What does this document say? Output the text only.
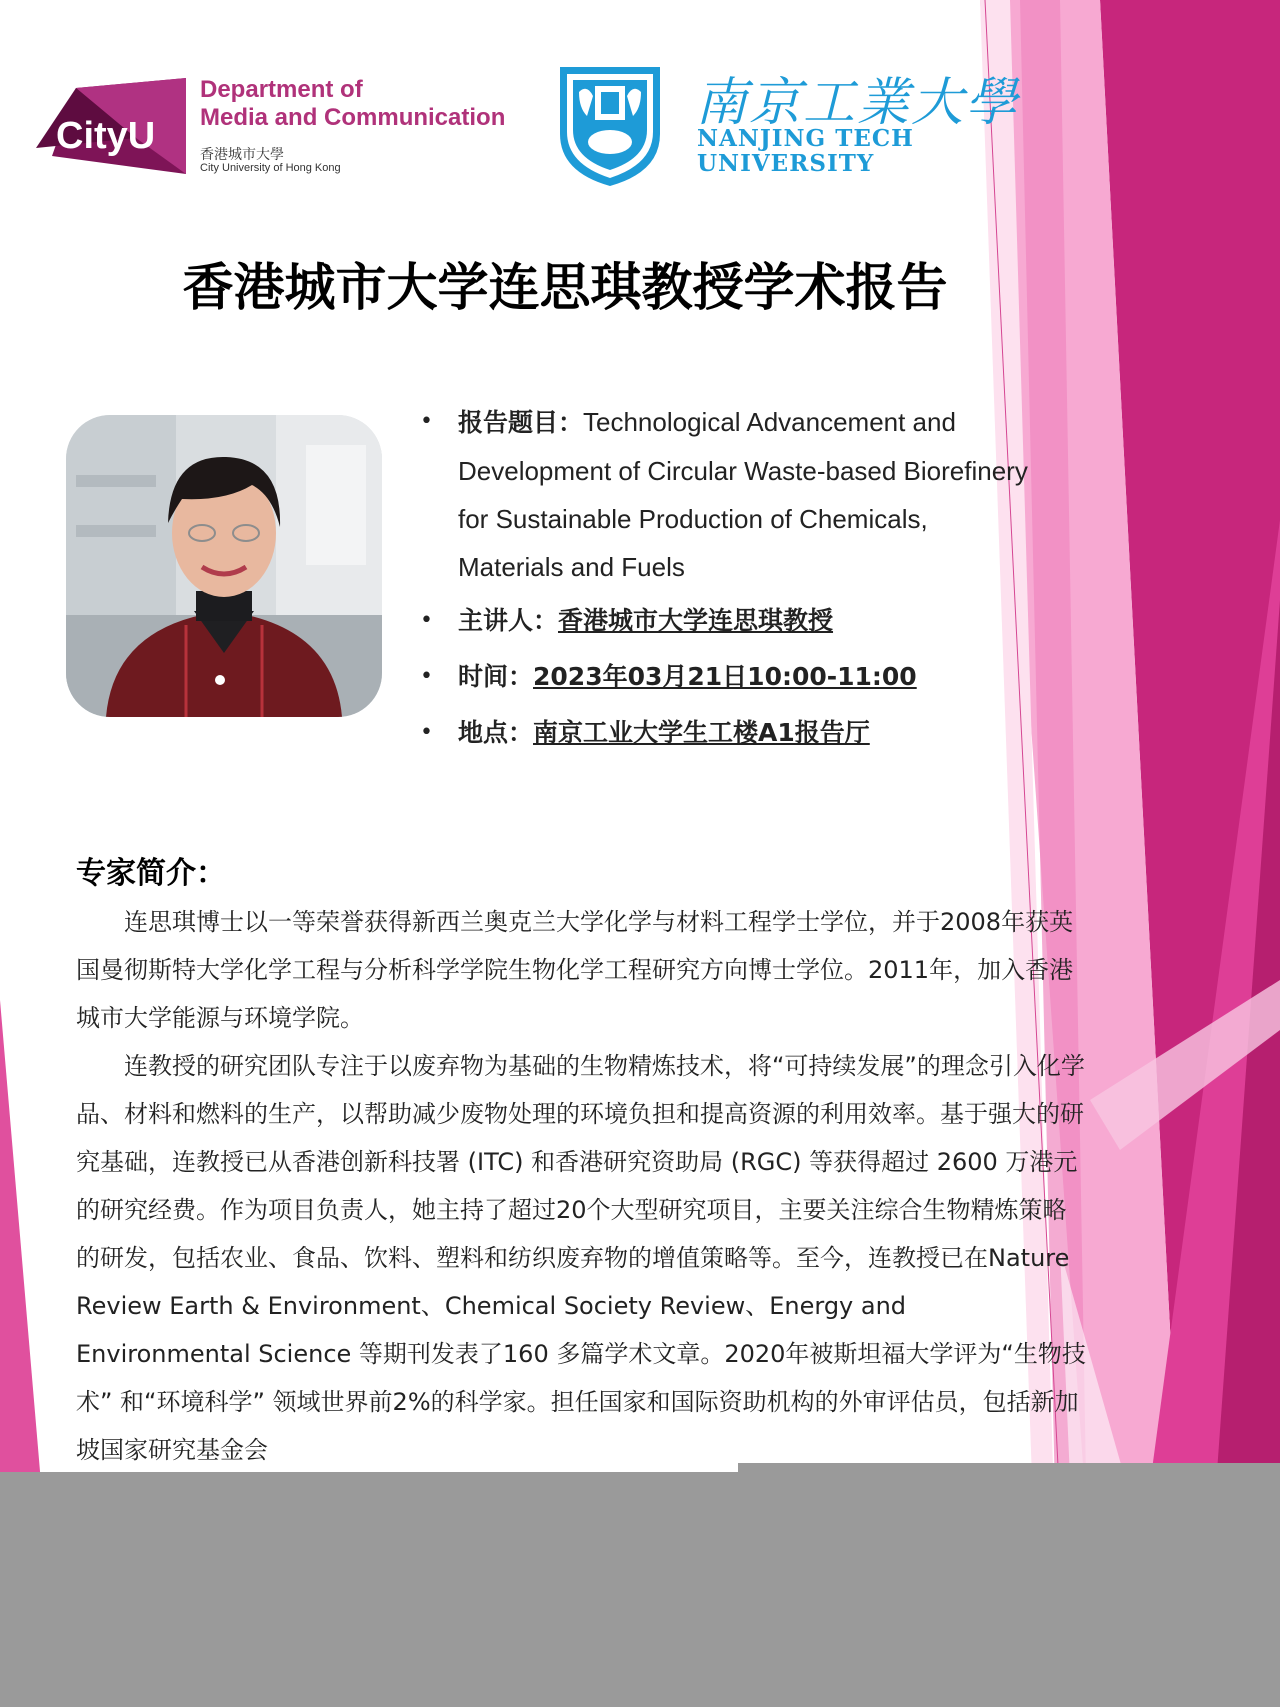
CityU
Department of
Media and Communication
香港城市大學
City University of Hong Kong
南京工業大學
NANJING TECH
UNIVERSITY
香港城市大学连思琪教授学术报告
• 报告题目：Technological Advancement and
Development of Circular Waste-based Biorefinery
for Sustainable Production of Chemicals,
Materials and Fuels
• 主讲人：香港城市大学连思琪教授
• 时间：2023年03月21日10:00-11:00
• 地点：南京工业大学生工楼A1报告厅
专家简介：

连思琪博士以一等荣誉获得新西兰奥克兰大学化学与材料工程学士学位，并于2008年获英国曼彻斯特大学化学工程与分析科学学院生物化学工程研究方向博士学位。2011年，加入香港城市大学能源与环境学院。

连教授的研究团队专注于以废弃物为基础的生物精炼技术，将“可持续发展”的理念引入化学品、材料和燃料的生产，以帮助减少废物处理的环境负担和提高资源的利用效率。基于强大的研究基础，连教授已从香港创新科技署 (ITC) 和香港研究资助局 (RGC) 等获得超过 2600 万港元的研究经费。作为项目负责人，她主持了超过20个大型研究项目，主要关注综合生物精炼策略的研发，包括农业、食品、饮料、塑料和纺织废弃物的增值策略等。至今，连教授已在Nature Review Earth & Environment、Chemical Society Review、Energy and Environmental Science 等期刊发表了160 多篇学术文章。2020年被斯坦福大学评为“生物技术” 和“环境科学” 领域世界前2%的科学家。担任国家和国际资助机构的外审评估员，包括新加坡国家研究基金会
